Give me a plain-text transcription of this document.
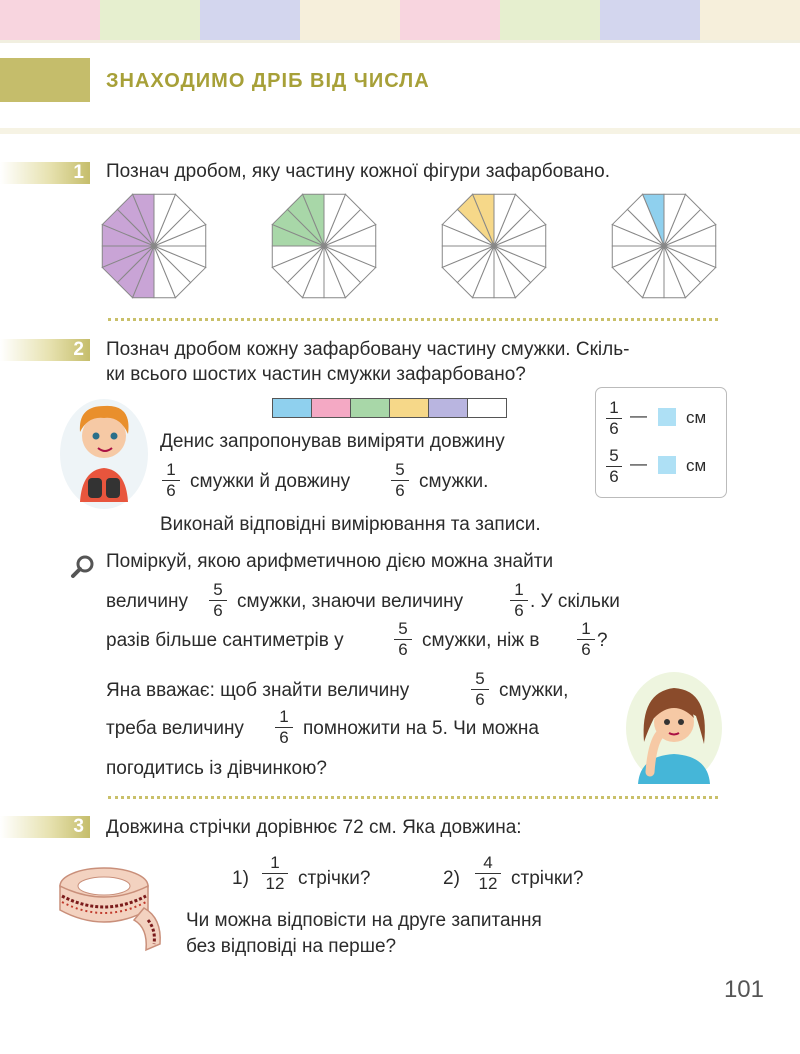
ЗНАХОДИМО ДРІБ ВІД ЧИСЛА
1 Познач дробом, яку частину кожної фігури зафарбовано.
2 Познач дробом кожну зафарбовану частину смужки. Скіль-
ки всього шостих частин смужки зафарбовано?
Денис запропонував виміряти довжину
$\frac{1}{6}$ смужки й довжину $\frac{5}{6}$ смужки.
Виконай відповідні вимірювання та записи.
$\frac{1}{6}$ — см
$\frac{5}{6}$ — см
Поміркуй, якою арифметичною дією можна знайти
величину $\frac{5}{6}$ смужки, знаючи величину	$\frac{1}{6}$ . У скільки
разів більше сантиметрів у	$\frac{5}{6}$ смужки, ніж в $\frac{1}{6}$ ?
Яна вважає: щоб знайти величину	$\frac{5}{6}$ смужки,
треба величину $\frac{1}{6}$ помножити на 5. Чи можна
погодитись із дівчинкою?
3 Довжина стрічки дорівнює 72 см. Яка довжина:
$1) \frac{1}{12}$ стрічки?	$2) \frac{4}{12}$ стрічки?
Чи можна відповісти на друге запитання
без відповіді на перше?
101
